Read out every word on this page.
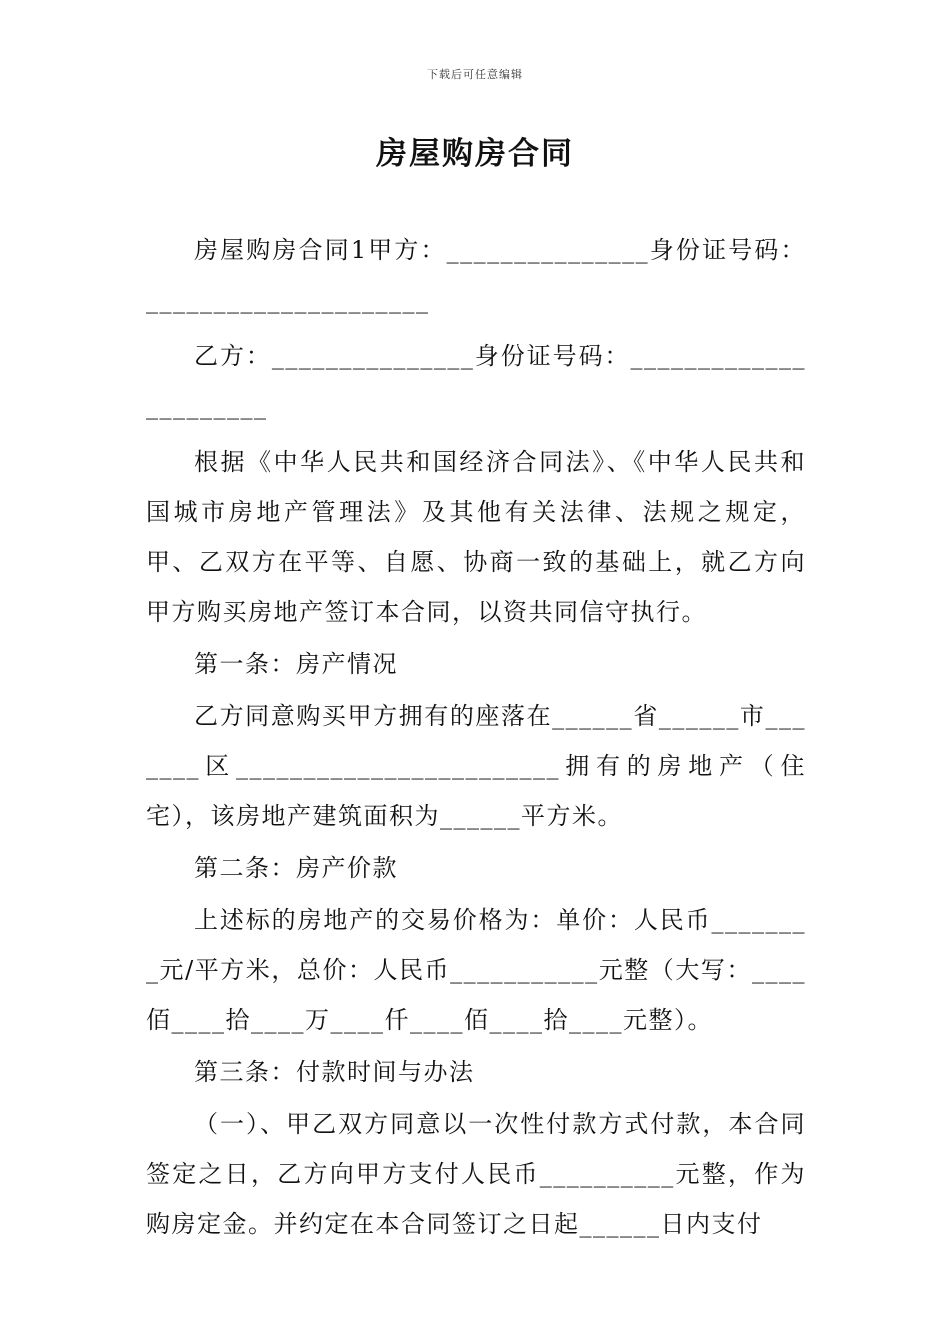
下载后可任意编辑
房屋购房合同

房屋购房合同1甲方：_______________身份证号码：_____________________

乙方：_______________身份证号码：______________________

根据《中华人民共和国经济合同法》、《中华人民共和国城市房地产管理法》及其他有关法律、法规之规定，甲、乙双方在平等、自愿、协商一致的基础上，就乙方向甲方购买房地产签订本合同，以资共同信守执行。

第一条：房产情况

乙方同意购买甲方拥有的座落在______省______市_______区________________________拥有的房地产（住宅），该房地产建筑面积为______平方米。

第二条：房产价款

上述标的房地产的交易价格为：单价：人民币________元/平方米，总价：人民币___________元整（大写：____佰____拾____万____仟____佰____拾____元整）。

第三条：付款时间与办法

（一）、甲乙双方同意以一次性付款方式付款，本合同签定之日，乙方向甲方支付人民币__________元整，作为购房定金。并约定在本合同签订之日起______日内支付
